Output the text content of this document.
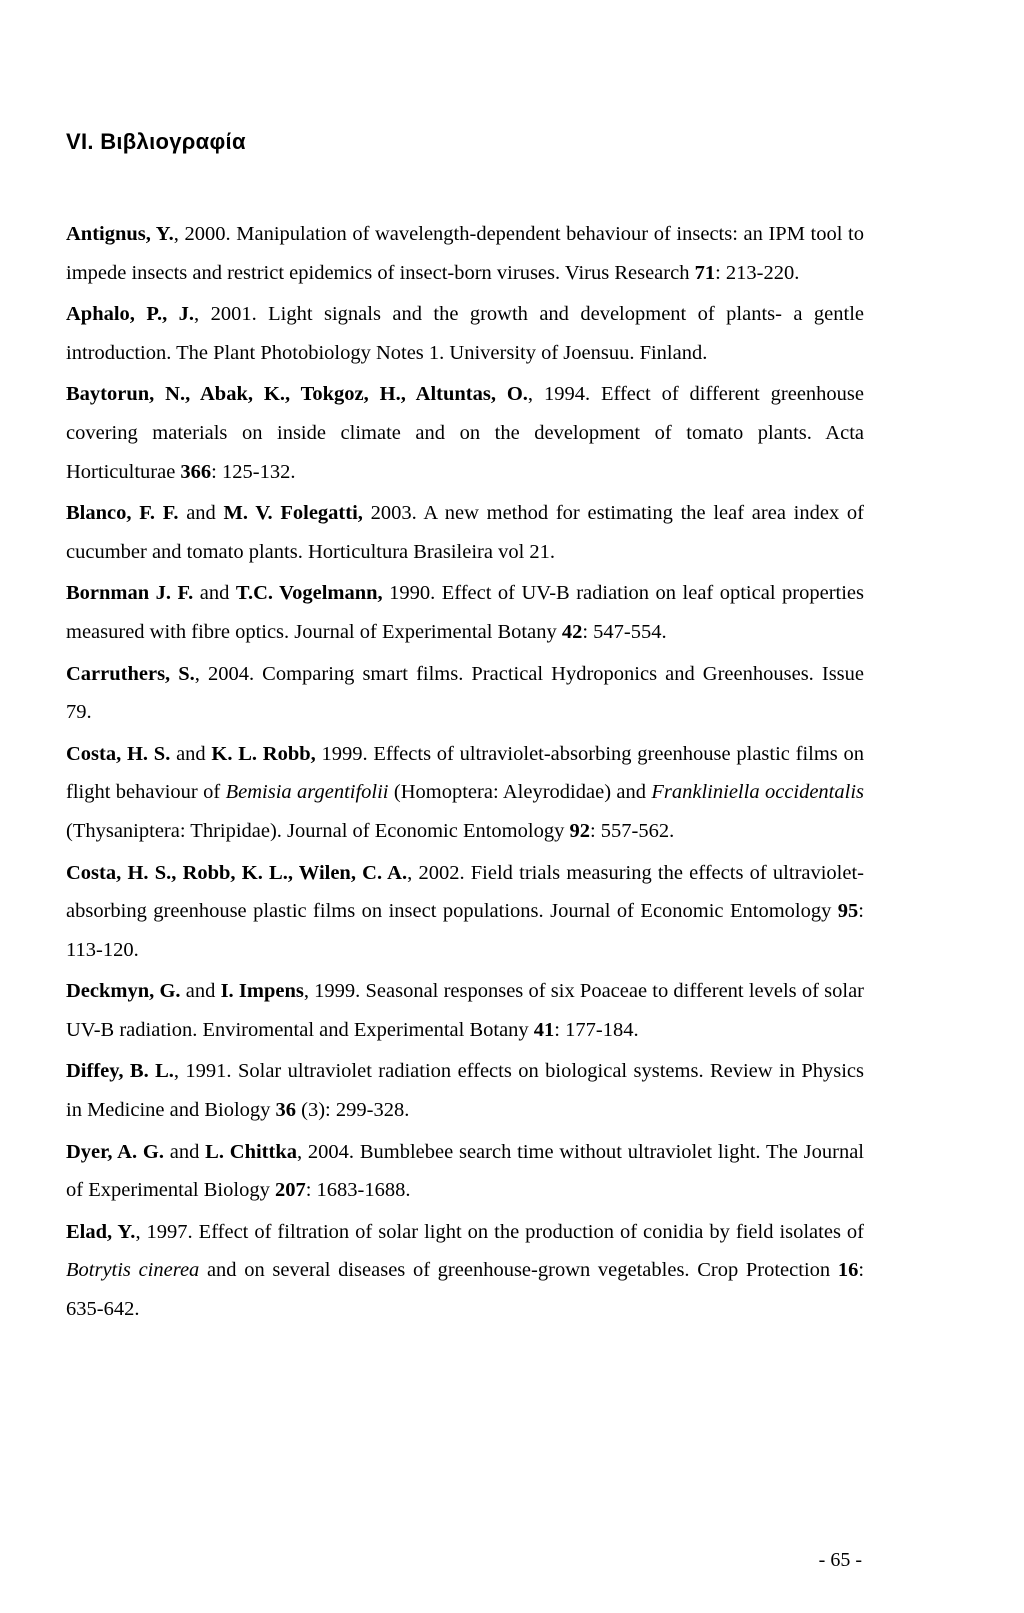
VI. Βιβλιογραφία
Antignus, Y., 2000. Manipulation of wavelength-dependent behaviour of insects: an IPM tool to impede insects and restrict epidemics of insect-born viruses. Virus Research 71: 213-220.
Aphalo, P., J., 2001. Light signals and the growth and development of plants- a gentle introduction. The Plant Photobiology Notes 1. University of Joensuu. Finland.
Baytorun, N., Abak, K., Tokgoz, H., Altuntas, O., 1994. Effect of different greenhouse covering materials on inside climate and on the development of tomato plants. Acta Horticulturae 366: 125-132.
Blanco, F. F. and M. V. Folegatti, 2003. A new method for estimating the leaf area index of cucumber and tomato plants. Horticultura Brasileira vol 21.
Bornman J. F. and T.C. Vogelmann, 1990. Effect of UV-B radiation on leaf optical properties measured with fibre optics. Journal of Experimental Botany 42: 547-554.
Carruthers, S., 2004. Comparing smart films. Practical Hydroponics and Greenhouses. Issue 79.
Costa, H. S. and K. L. Robb, 1999. Effects of ultraviolet-absorbing greenhouse plastic films on flight behaviour of Bemisia argentifolii (Homoptera: Aleyrodidae) and Frankliniella occidentalis (Thysaniptera: Thripidae). Journal of Economic Entomology 92: 557-562.
Costa, H. S., Robb, K. L., Wilen, C. A., 2002. Field trials measuring the effects of ultraviolet-absorbing greenhouse plastic films on insect populations. Journal of Economic Entomology 95: 113-120.
Deckmyn, G. and I. Impens, 1999. Seasonal responses of six Poaceae to different levels of solar UV-B radiation. Enviromental and Experimental Botany 41: 177-184.
Diffey, B. L., 1991. Solar ultraviolet radiation effects on biological systems. Review in Physics in Medicine and Biology 36 (3): 299-328.
Dyer, A. G. and L. Chittka, 2004. Bumblebee search time without ultraviolet light. The Journal of Experimental Biology 207: 1683-1688.
Elad, Y., 1997. Effect of filtration of solar light on the production of conidia by field isolates of Botrytis cinerea and on several diseases of greenhouse-grown vegetables. Crop Protection 16: 635-642.
- 65 -
